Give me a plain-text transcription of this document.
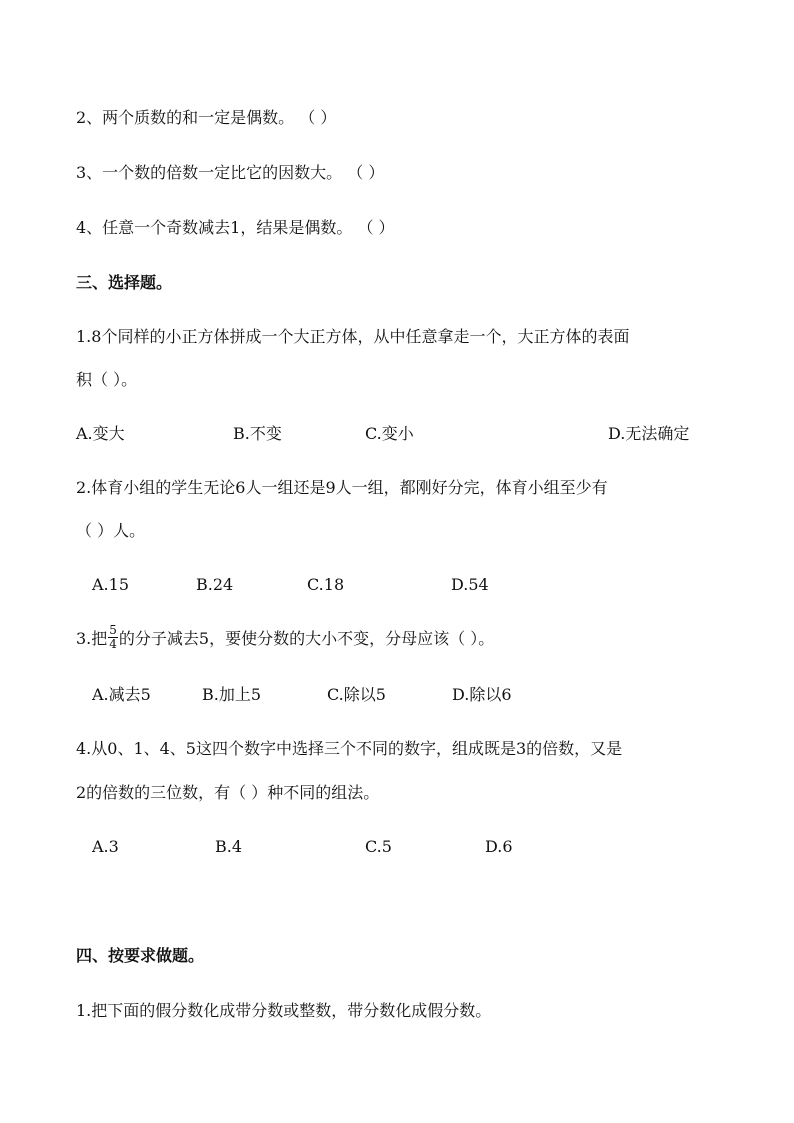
2、两个质数的和一定是偶数。 （ ）
3、一个数的倍数一定比它的因数大。 （ ）
4、任意一个奇数减去1，结果是偶数。 （ ）
三、选择题。
1.8个同样的小正方体拼成一个大正方体，从中任意拿走一个，大正方体的表面
积（ ）。
A.变大	B.不变	C.变小	D.无法确定
2.体育小组的学生无论6人一组还是9人一组，都刚好分完，体育小组至少有
（ ）人。
A.15	B.24	C.18	D.54
3.把 $\frac{5}{4}$ 的分子减去5，要使分数的大小不变，分母应该（ ）。
A.减去5	B.加上5	C.除以5	D.除以6
4.从0、1、4、5这四个数字中选择三个不同的数字，组成既是3的倍数，又是
2的倍数的三位数，有（ ）种不同的组法。
A.3	B.4	C.5	D.6
四、按要求做题。
1.把下面的假分数化成带分数或整数，带分数化成假分数。
